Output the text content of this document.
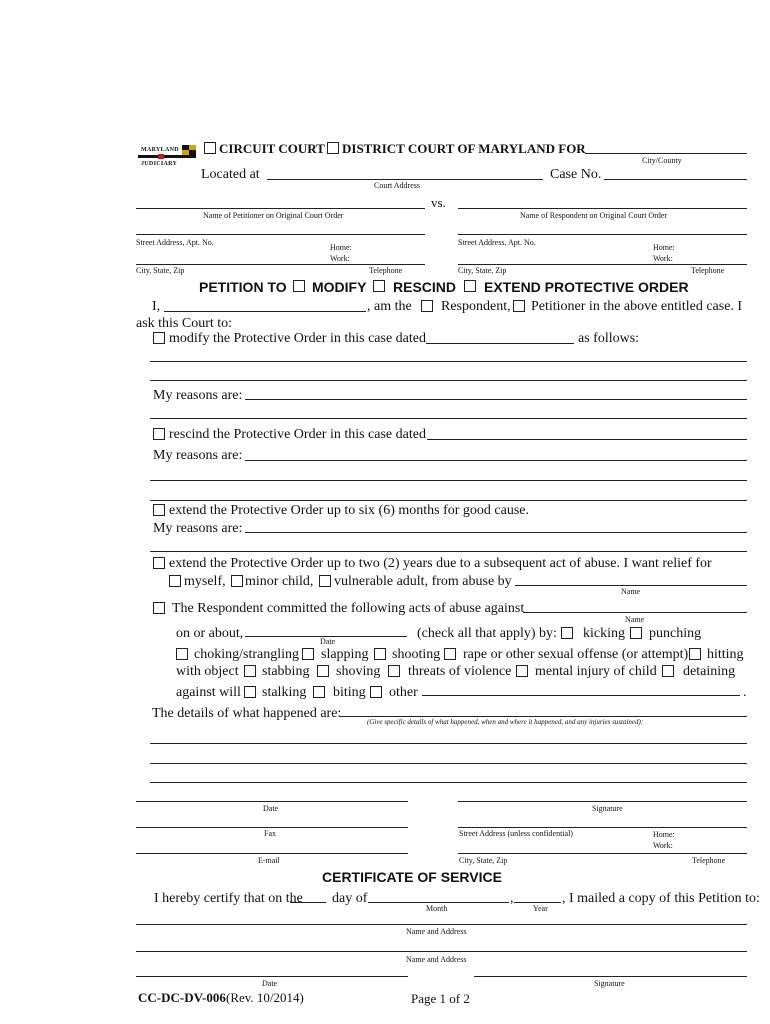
MARYLAND
JUDICIARY
CIRCUIT COURT DISTRICT COURT OF MARYLAND FOR
City/County
Located at
Court Address
Case No.
vs.
Name of Petitioner on Original Court Order	Name of Respondent on Original Court Order
Street Address, Apt. No.
Home:
Work:
Street Address, Apt. No.
Home:
Work:
City, State, Zip	Telephone	City, State, Zip	Telephone
PETITION TO MODIFY RESCIND EXTEND PROTECTIVE ORDER
I,	, am the Respondent, Petitioner in the above entitled case. I
ask this Court to:
modify the Protective Order in this case dated	as follows:
My reasons are:
rescind the Protective Order in this case dated
My reasons are:
extend the Protective Order up to six (6) months for good cause.
My reasons are:
extend the Protective Order up to two (2) years due to a subsequent act of abuse. I want relief for
myself, minor child, vulnerable adult, from abuse by
Name
The Respondent committed the following acts of abuse against
Name
on or about,
Date
(check all that apply) by: kicking punching
choking/strangling slapping shooting rape or other sexual offense (or attempt) hitting
with object stabbing shoving threats of violence mental injury of child detaining
against will stalking biting other	.
The details of what happened are:
(Give specific details of what happened, when and where it happened, and any injuries sustained):
Date	Signature
Fax	Street Address (unless confidential)	Home:
Work:
E-mail	City, State, Zip	Telephone
CERTIFICATE OF SERVICE
I hereby certify that on the day of
Month
,
Year
, I mailed a copy of this Petition to:
Name and Address
Name and Address
Date	Signature
CC-DC-DV-006 (Rev. 10/2014)	Page 1 of 2
